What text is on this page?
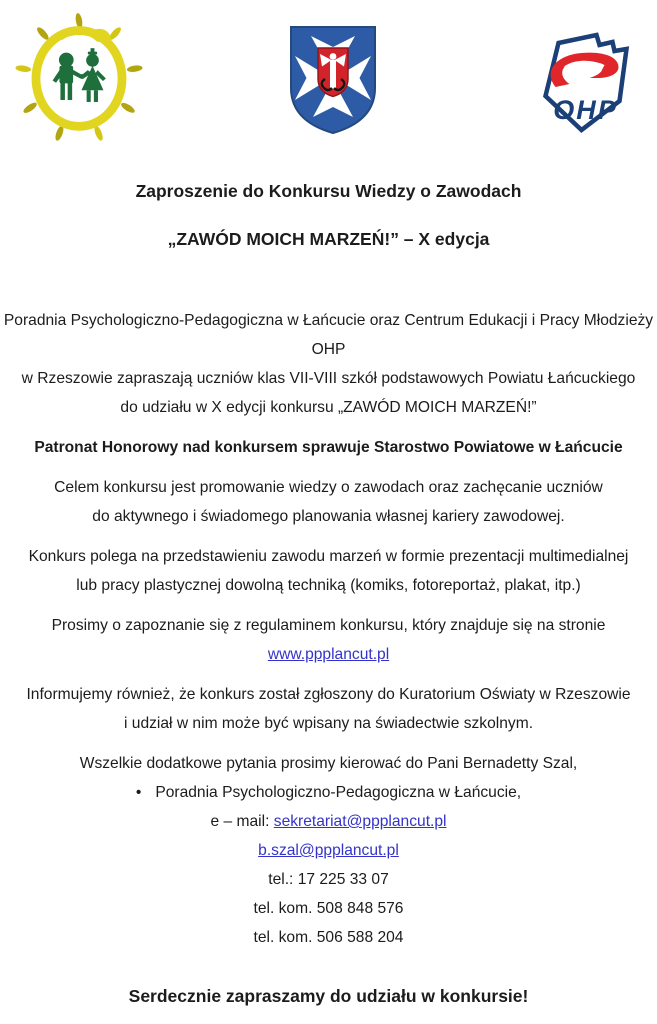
OHP
Zaproszenie do Konkursu Wiedzy o Zawodach
„ZAWÓD MOICH MARZEŃ!” – X edycja

Poradnia Psychologiczno-Pedagogiczna w Łańcucie oraz Centrum Edukacji i Pracy Młodzieży OHP
w Rzeszowie zapraszają uczniów klas VII-VIII szkół podstawowych Powiatu Łańcuckiego
do udziału w X edycji konkursu „ZAWÓD MOICH MARZEŃ!”

Patronat Honorowy nad konkursem sprawuje Starostwo Powiatowe w Łańcucie

Celem konkursu jest promowanie wiedzy o zawodach oraz zachęcanie uczniów
do aktywnego i świadomego planowania własnej kariery zawodowej.

Konkurs polega na przedstawieniu zawodu marzeń w formie prezentacji multimedialnej
lub pracy plastycznej dowolną techniką (komiks, fotoreportaż, plakat, itp.)

Prosimy o zapoznanie się z regulaminem konkursu, który znajduje się na stronie
www.ppplancut.pl

Informujemy również, że konkurs został zgłoszony do Kuratorium Oświaty w Rzeszowie
i udział w nim może być wpisany na świadectwie szkolnym.

Wszelkie dodatkowe pytania prosimy kierować do Pani Bernadetty Szal,
• Poradnia Psychologiczno-Pedagogiczna w Łańcucie,
e – mail: sekretariat@ppplancut.pl
b.szal@ppplancut.pl
tel.: 17 225 33 07
tel. kom. 508 848 576
tel. kom. 506 588 204

Serdecznie zapraszamy do udziału w konkursie!
